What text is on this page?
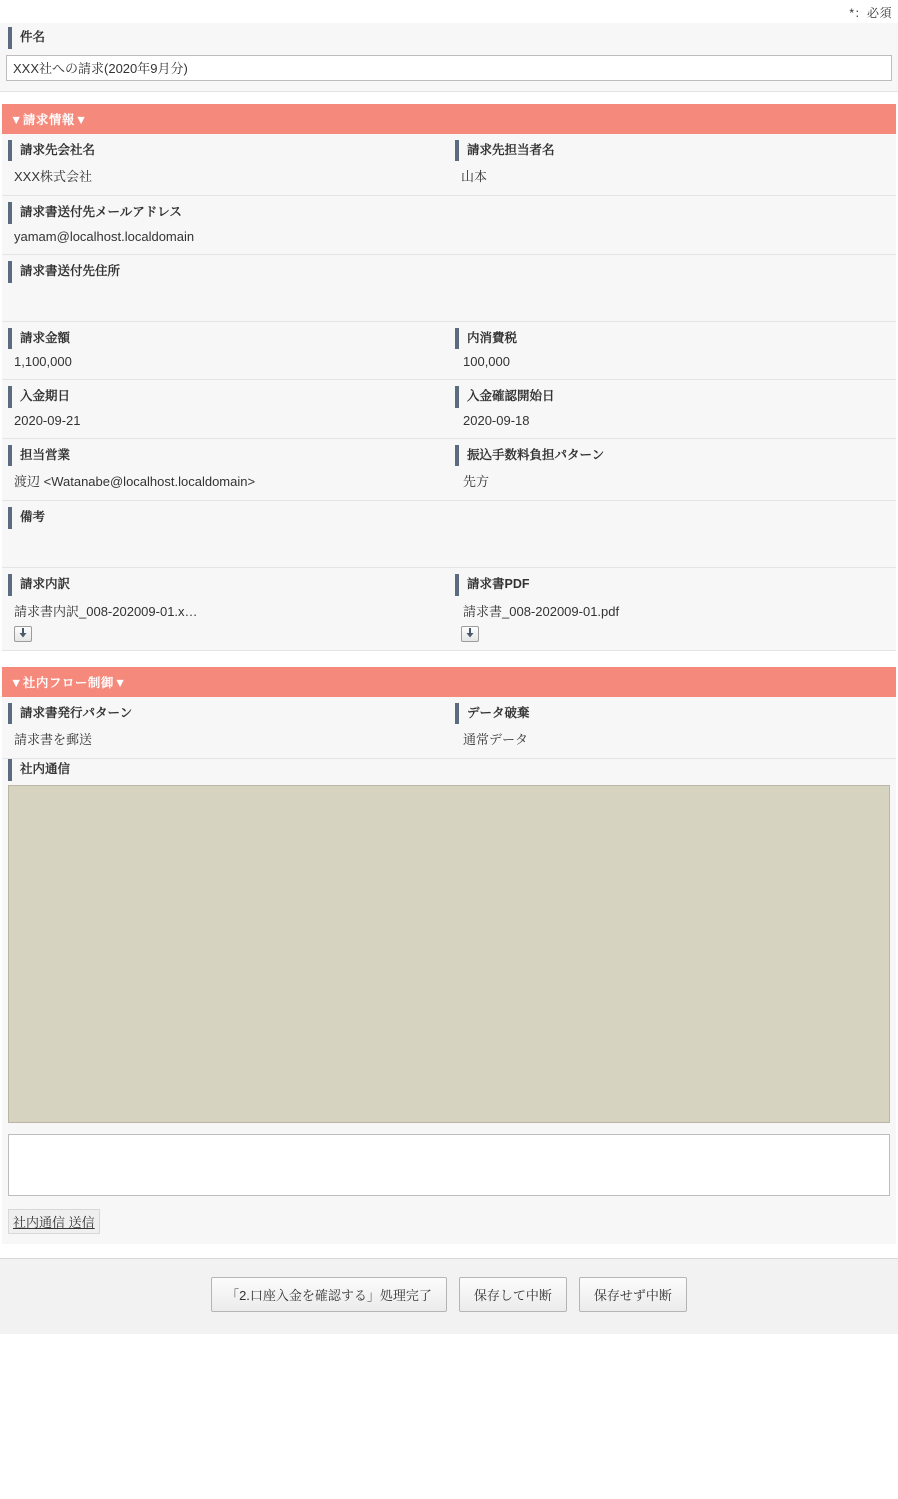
*：必須
件名
XXX社への請求(2020年9月分)
▼請求情報▼
請求先会社名
XXX株式会社
請求先担当者名
山本
請求書送付先メールアドレス
yamam@localhost.localdomain
請求書送付先住所
請求金額
1,100,000
内消費税
100,000
入金期日
2020-09-21
入金確認開始日
2020-09-18
担当営業
渡辺 <Watanabe@localhost.localdomain>
振込手数料負担パターン
先方
備考
請求内訳
請求書内訳_008-202009-01.x…
請求書PDF
請求書_008-202009-01.pdf
▼社内フロー制御▼
請求書発行パターン
請求書を郵送
データ破棄
通常データ
社内通信

社内通信 送信
「2.口座入金を確認する」処理完了	保存して中断	保存せず中断
